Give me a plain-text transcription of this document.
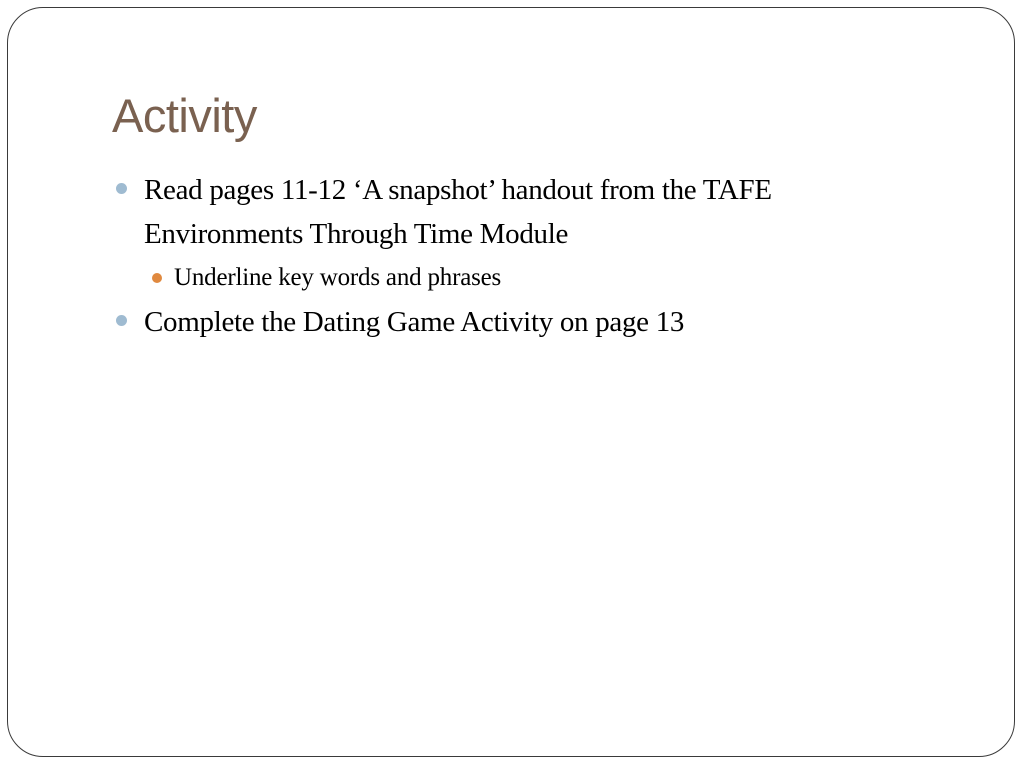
Activity
Read pages 11-12 ‘A snapshot’ handout from the TAFE Environments Through Time Module
Underline key words and phrases
Complete the Dating Game Activity on page 13
